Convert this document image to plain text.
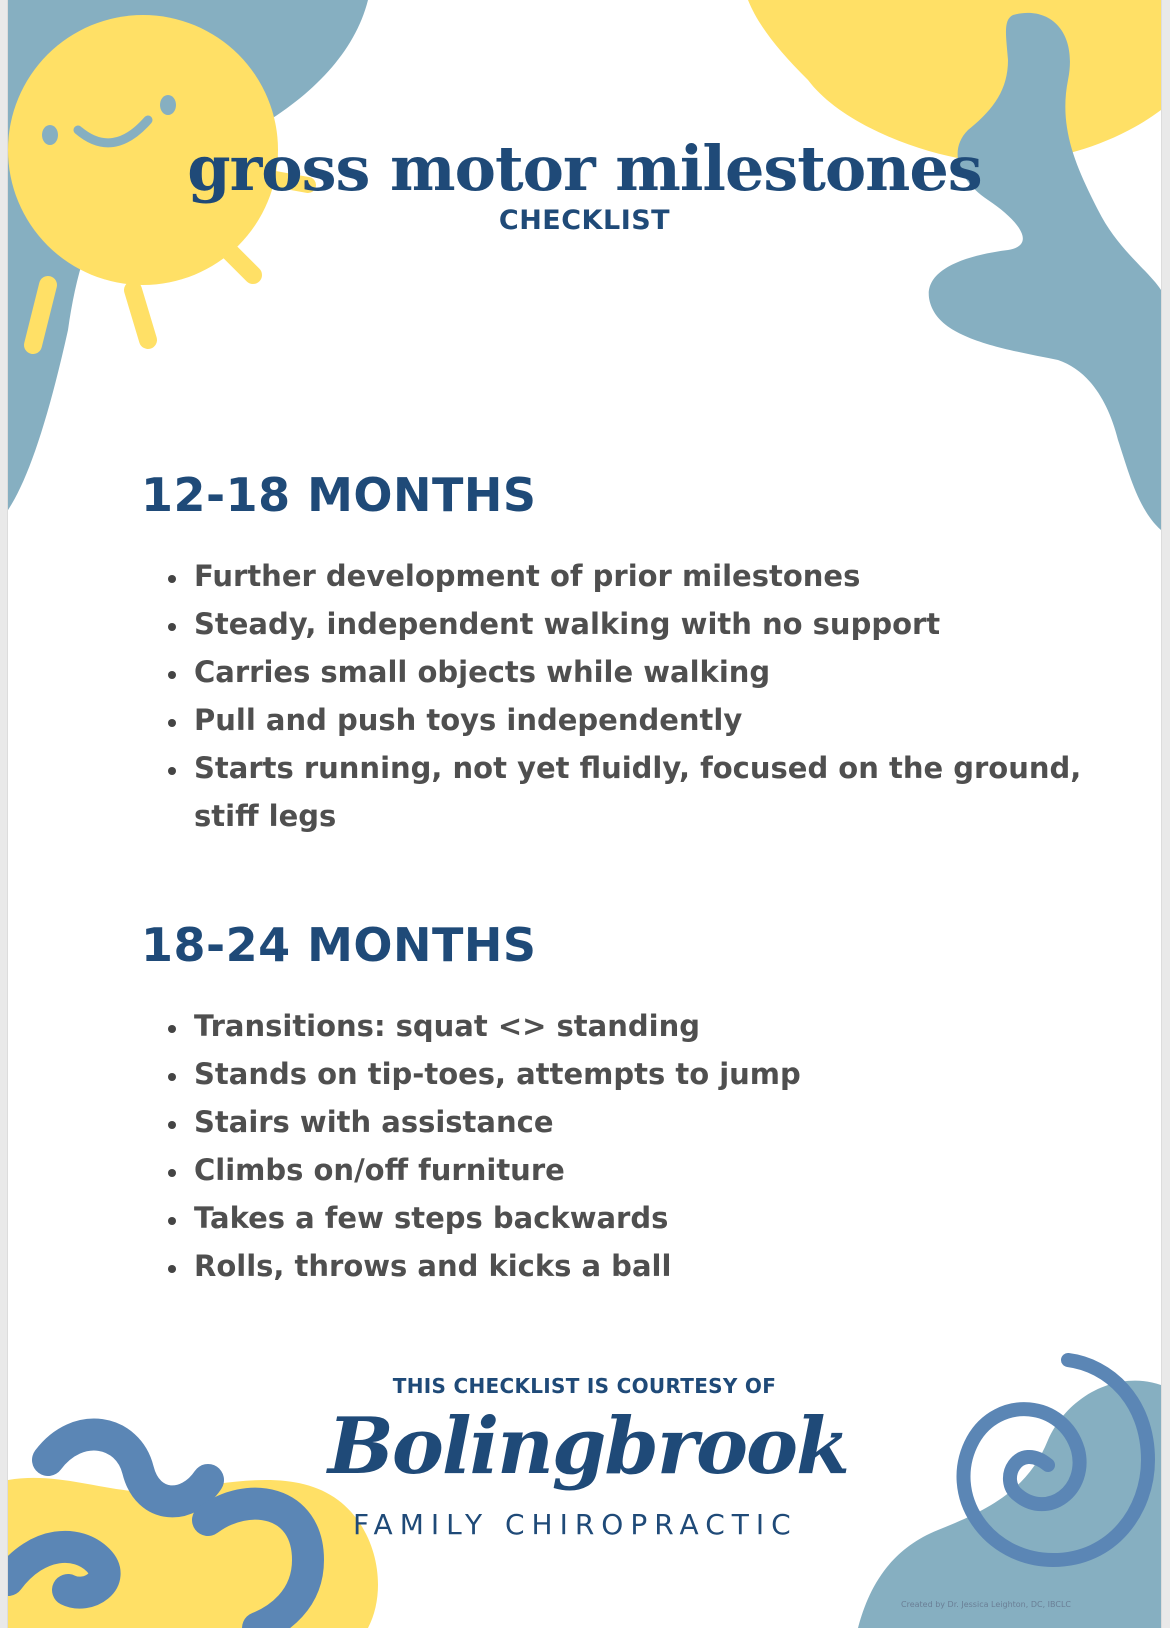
gross motor milestones
CHECKLIST
12-18 MONTHS
• Further development of prior milestones
• Steady, independent walking with no support
• Carries small objects while walking
• Pull and push toys independently
• Starts running, not yet fluidly, focused on the ground, stiff legs
18-24 MONTHS
• Transitions: squat <> standing
• Stands on tip-toes, attempts to jump
• Stairs with assistance
• Climbs on/off furniture
• Takes a few steps backwards
• Rolls, throws and kicks a ball
THIS CHECKLIST IS COURTESY OF
Bolingbrook
FAMILY CHIROPRACTIC
Created by Dr. Jessica Leighton, DC, IBCLC
